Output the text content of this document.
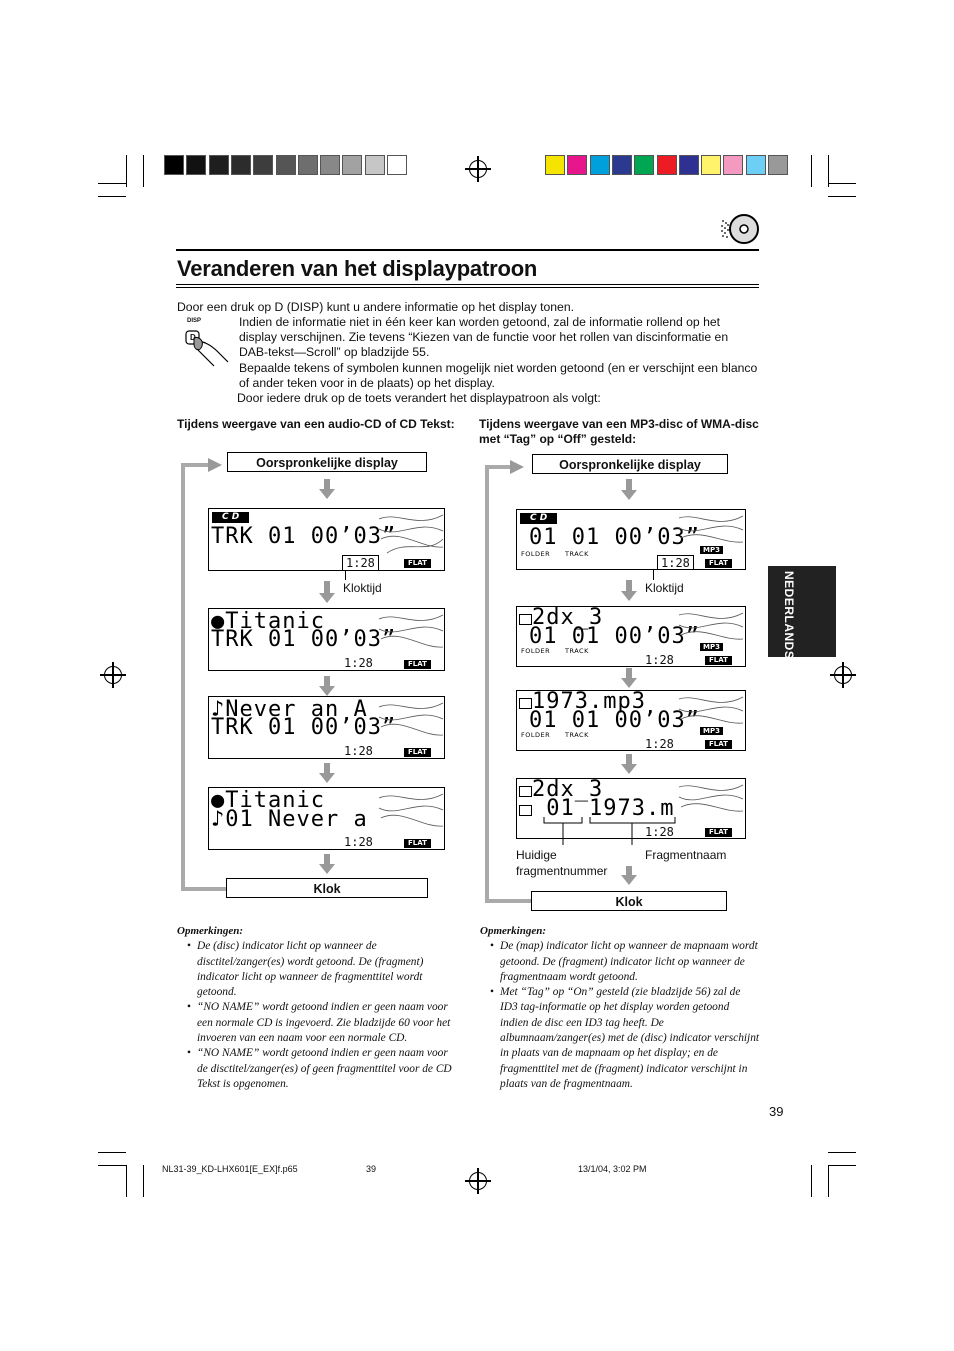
Veranderen van het displaypatroon
Door een druk op D (DISP) kunt u andere informatie op het display tonen.
DISP
D
Indien de informatie niet in één keer kan worden getoond, zal de informatie rollend op het display verschijnen. Zie tevens “Kiezen van de functie voor het rollen van discinformatie en DAB-tekst—Scroll” op bladzijde 55.
Bepaalde tekens of symbolen kunnen mogelijk niet worden getoond (en er verschijnt een blanco of ander teken voor in de plaats) op het display.
Door iedere druk op de toets verandert het displaypatroon als volgt:
Tijdens weergave van een audio-CD of CD Tekst:	Tijdens weergave van een MP3-disc of WMA-disc met “Tag” op “Off” gesteld:
Oorspronkelijke display
Klok
C D
TRK 01 00’03”
1:28	FLAT
Kloktijd
●Titanic
TRK 01 00’03”
1:28	FLAT
♪Never an A
TRK 01 00’03”
1:28	FLAT
●Titanic
♪01 Never a
1:28	FLAT
Oorspronkelijke display
Klok
C D
01 01 00’03”
FOLDER TRACK	MP3
1:28	FLAT
Kloktijd
2dx_3
01 01 00’03”
FOLDER TRACK	MP3
1:28	FLAT
1973.mp3
01 01 00’03”
FOLDER TRACK	MP3
1:28	FLAT
2dx_3
01 1973.m
1:28	FLAT
Huidige fragmentnummer
Fragmentnaam
NEDERLANDS
Opmerkingen:
• De (disc) indicator licht op wanneer de disctitel/zanger(es) wordt getoond. De (fragment) indicator licht op wanneer de fragmenttitel wordt getoond.
• “NO NAME” wordt getoond indien er geen naam voor een normale CD is ingevoerd. Zie bladzijde 60 voor het invoeren van een naam voor een normale CD.
• “NO NAME” wordt getoond indien er geen naam voor de disctitel/zanger(es) of geen fragmenttitel voor de CD Tekst is opgenomen.
Opmerkingen:
• De (map) indicator licht op wanneer de mapnaam wordt getoond. De (fragment) indicator licht op wanneer de fragmentnaam wordt getoond.
• Met “Tag” op “On” gesteld (zie bladzijde 56) zal de ID3 tag-informatie op het display worden getoond indien de disc een ID3 tag heeft. De albumnaam/zanger(es) met de (disc) indicator verschijnt in plaats van de mapnaam op het display; en de fragmenttitel met de (fragment) indicator verschijnt in plaats van de fragmentnaam.
39
NL31-39_KD-LHX601[E_EX]f.p65	39	13/1/04, 3:02 PM
